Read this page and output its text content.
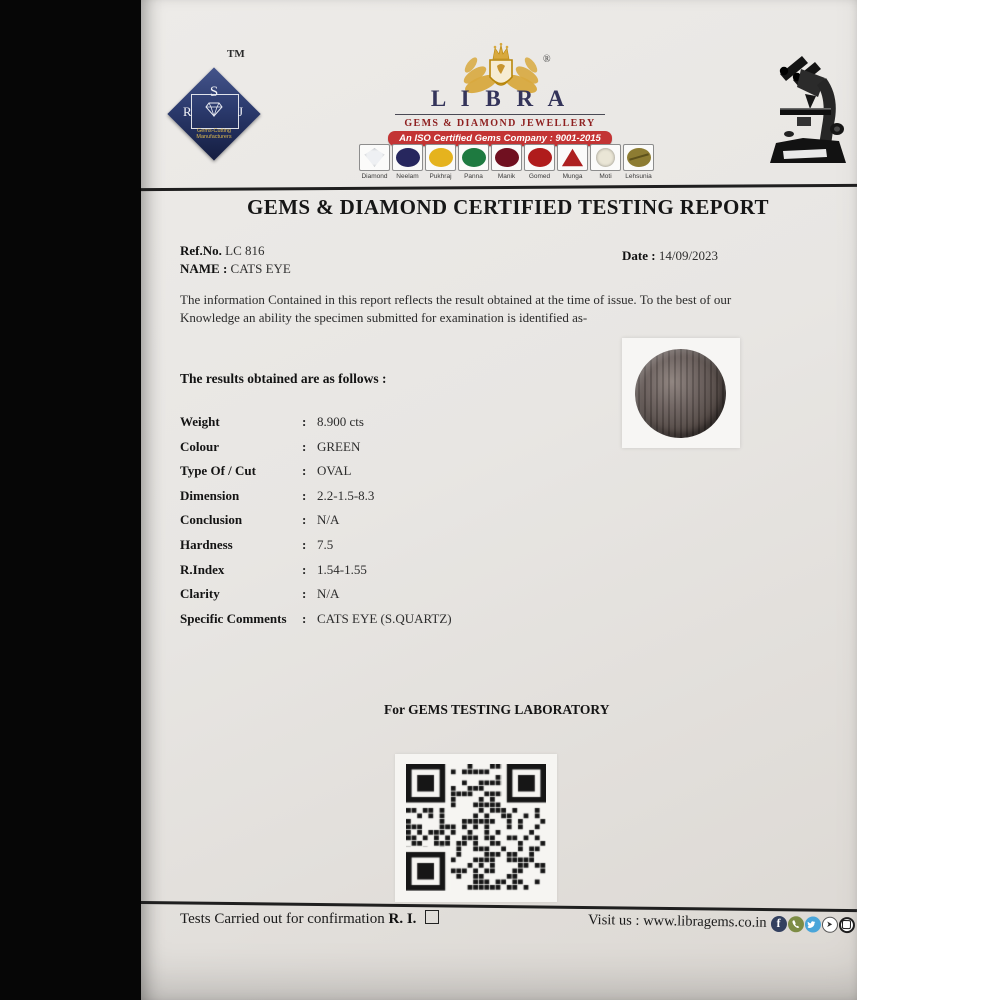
S
R	J
Gems-Cutting
Manufacturers
TM	®
L I B R A
GEMS & DIAMOND JEWELLERY
An ISO Certified Gems Company : 9001-2015
Diamond	Neelam	Pukhraj	Panna	Manik	Gomed	Munga	Moti	Lehsunia
GEMS & DIAMOND CERTIFIED TESTING REPORT
Ref.No. LC 816
NAME : CATS EYE
Date : 14/09/2023
The information Contained in this report reflects the result obtained at the time of issue. To the best of our
Knowledge an ability the specimen submitted for examination is identified as-
The results obtained are as follows :
Weight	: 8.900 cts
Colour	: GREEN
Type Of / Cut	: OVAL
Dimension	: 2.2-1.5-8.3
Conclusion	: N/A
Hardness	: 7.5
R.Index	: 1.54-1.55
Clarity	: N/A
Specific Comments	: CATS EYE (S.QUARTZ)
For GEMS TESTING LABORATORY
Tests Carried out for confirmation R. I.	Visit us : www.libragems.co.in f
